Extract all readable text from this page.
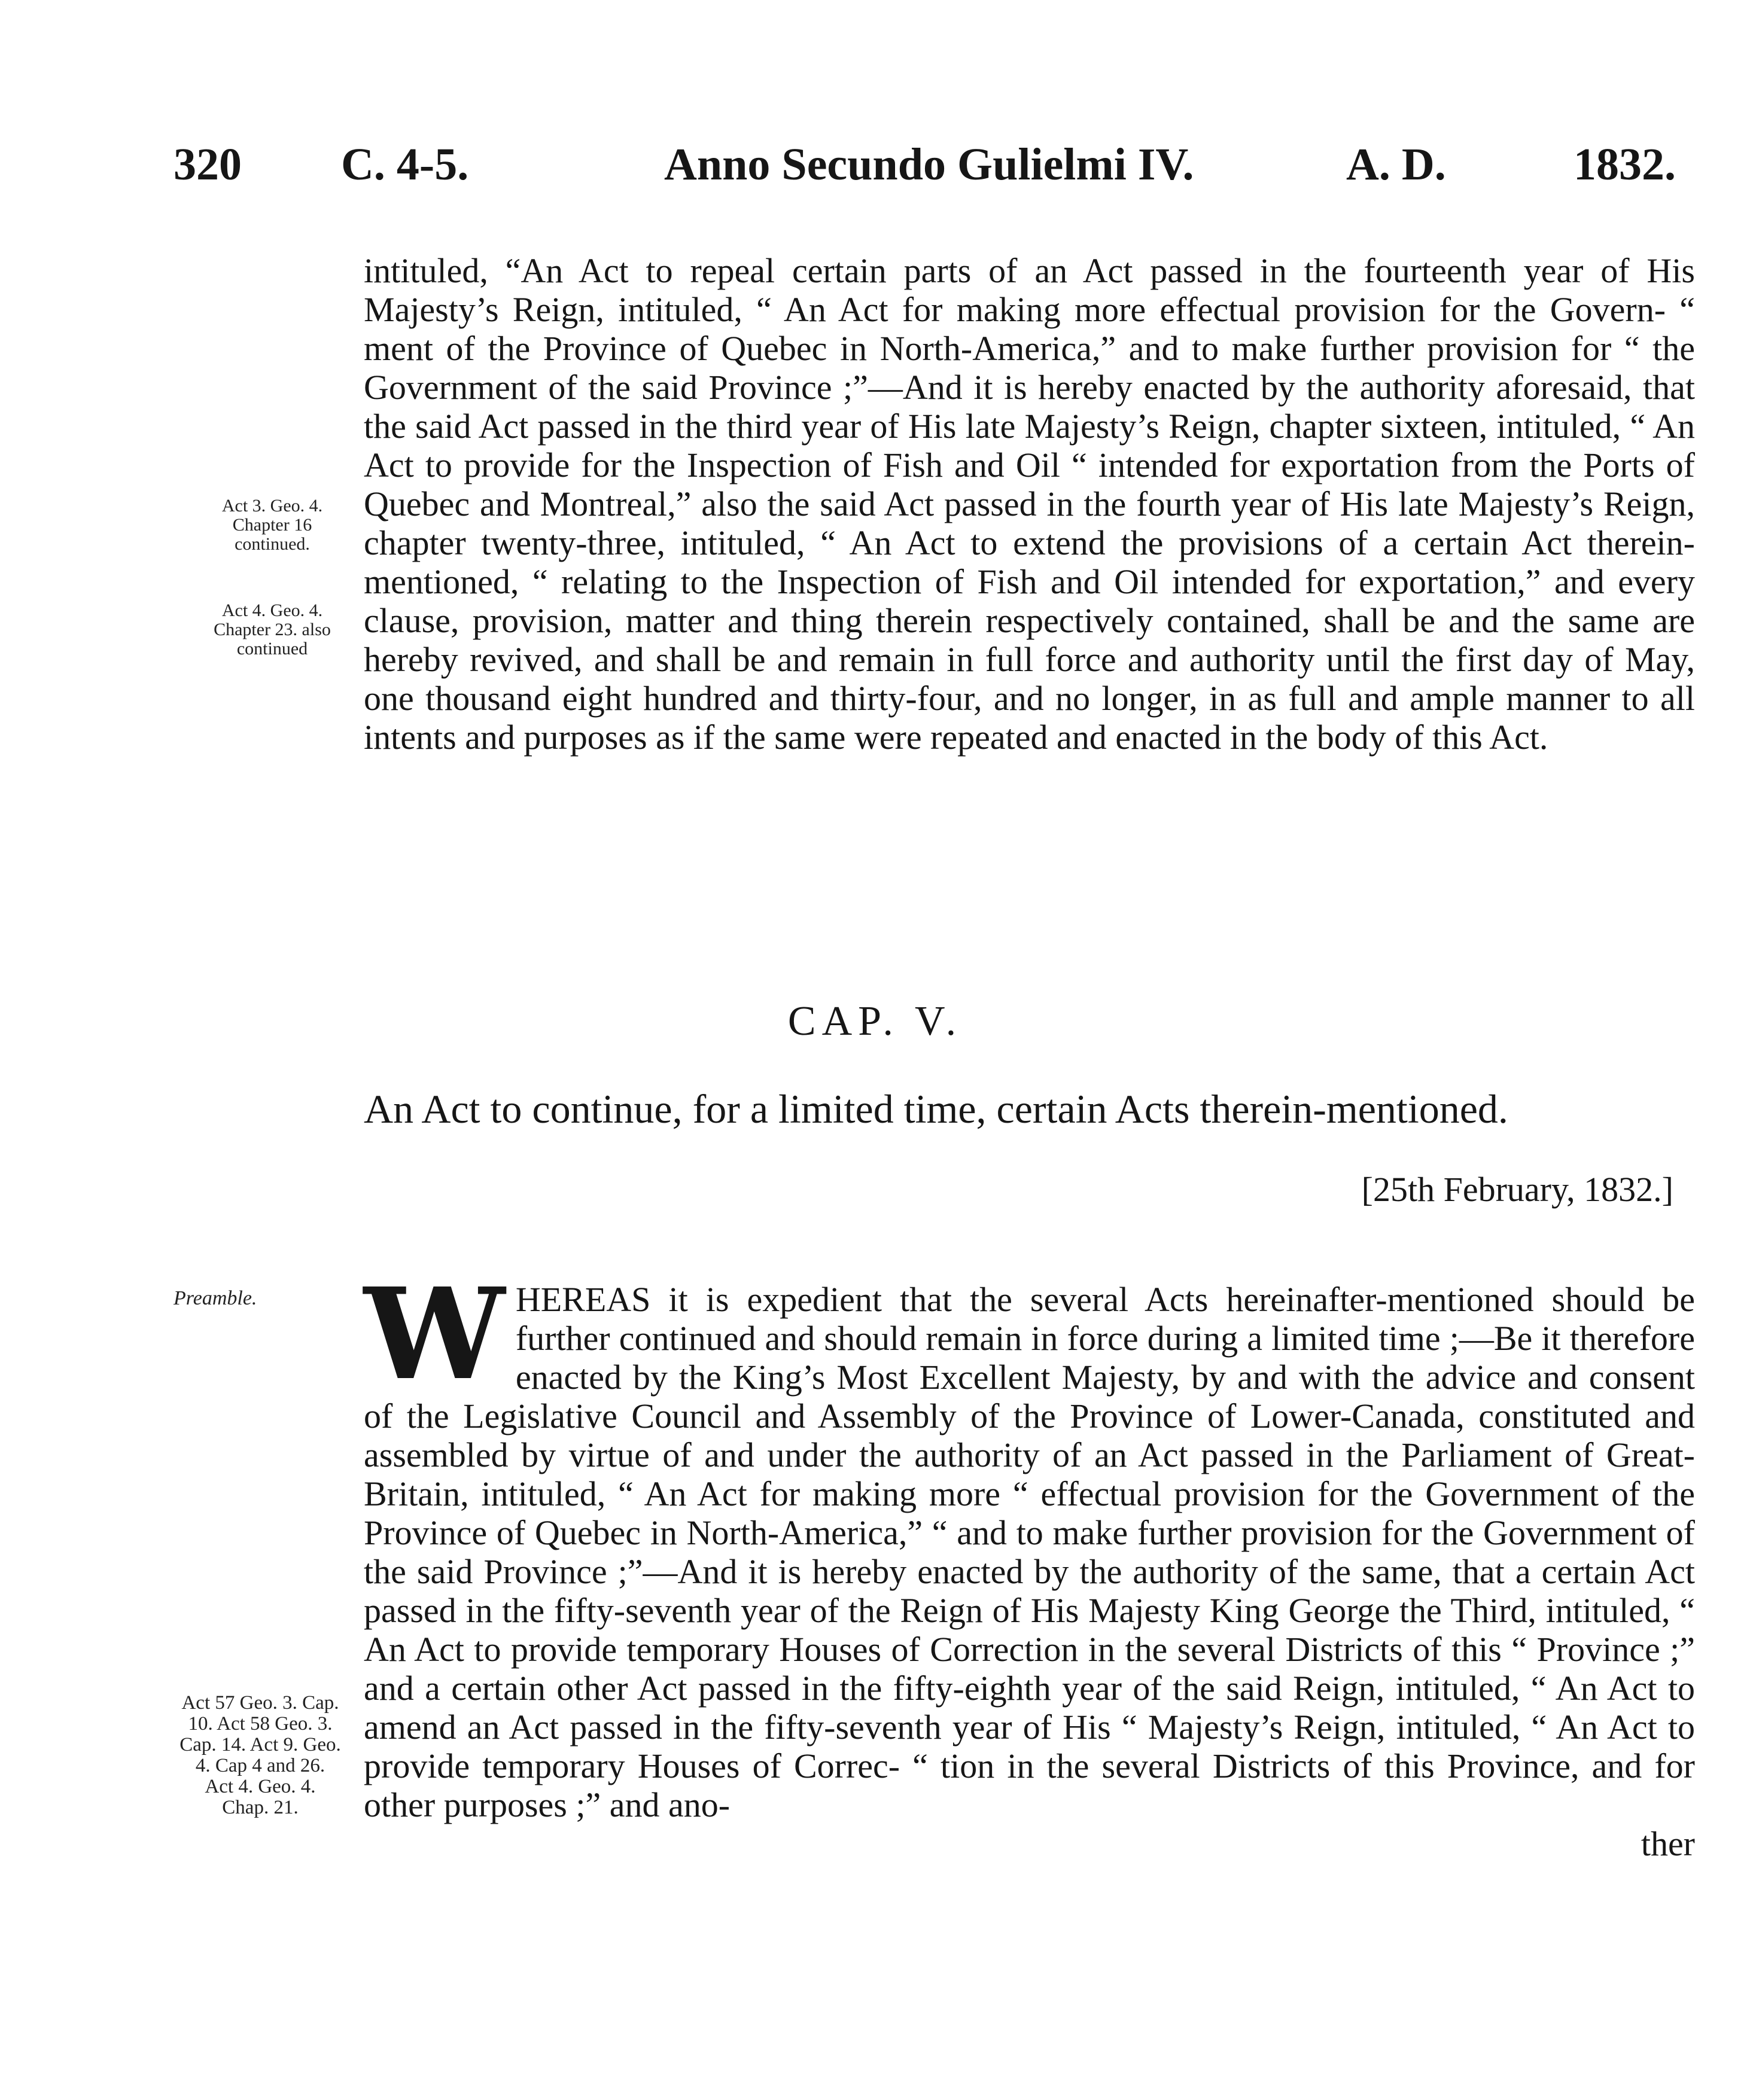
320 C. 4-5.	Anno Secundo Gulielmi IV.	A. D.	1832.

intituled, “An Act to repeal certain parts of an Act passed in the fourteenth year of His Majesty’s Reign, intituled, “ An Act for making more effectual provision for the Govern- “ ment of the Province of Quebec in North-America,” and to make further provision for “ the Government of the said Province ;”—And it is hereby enacted by the authority aforesaid, that the said Act passed in the third year of His late Majesty’s Reign, chapter sixteen, intituled, “ An Act to provide for the Inspection of Fish and Oil “ intended for exportation from the Ports of Quebec and Montreal,” also the said Act passed in the fourth year of His late Majesty’s Reign, chapter twenty-three, intituled, “ An Act to extend the provisions of a certain Act therein-mentioned, “ relating to the Inspection of Fish and Oil intended for exportation,” and every clause, provision, matter and thing therein respectively contained, shall be and the same are hereby revived, and shall be and remain in full force and authority until the first day of May, one thousand eight hundred and thirty-four, and no longer, in as full and ample manner to all intents and purposes as if the same were repeated and enacted in the body of this Act.

Act 3. Geo. 4. Chapter 16 continued.
Act 4. Geo. 4. Chapter 23. also continued
CAP. V.
An Act to continue, for a limited time, certain Acts therein-mentioned.
[25th February, 1832.]
Preamble. WHEREAS it is expedient that the several Acts hereinafter-mentioned should be further continued and should remain in force during a limited time ;—Be it therefore enacted by the King’s Most Excellent Majesty, by and with the advice and consent of the Legislative Council and Assembly of the Province of Lower-Canada, constituted and assembled by virtue of and under the authority of an Act passed in the Parliament of Great-Britain, intituled, “ An Act for making more “ effectual provision for the Government of the Province of Quebec in North-America,” “ and to make further provision for the Government of the said Province ;”—And it is hereby enacted by the authority of the same, that a certain Act passed in the fifty-seventh year of the Reign of His Majesty King George the Third, intituled, “ An Act to provide temporary Houses of Correction in the several Districts of this “ Province ;” and a certain other Act passed in the fifty-eighth year of the said Reign, intituled, “ An Act to amend an Act passed in the fifty-seventh year of His “ Majesty’s Reign, intituled, “ An Act to provide temporary Houses of Correc- “ tion in the several Districts of this Province, and for other purposes ;” and ano-

ther

Act 57 Geo. 3. Cap. 10. Act 58 Geo. 3. Cap. 14. Act 9. Geo. 4. Cap 4 and 26. Act 4. Geo. 4. Chap. 21.
